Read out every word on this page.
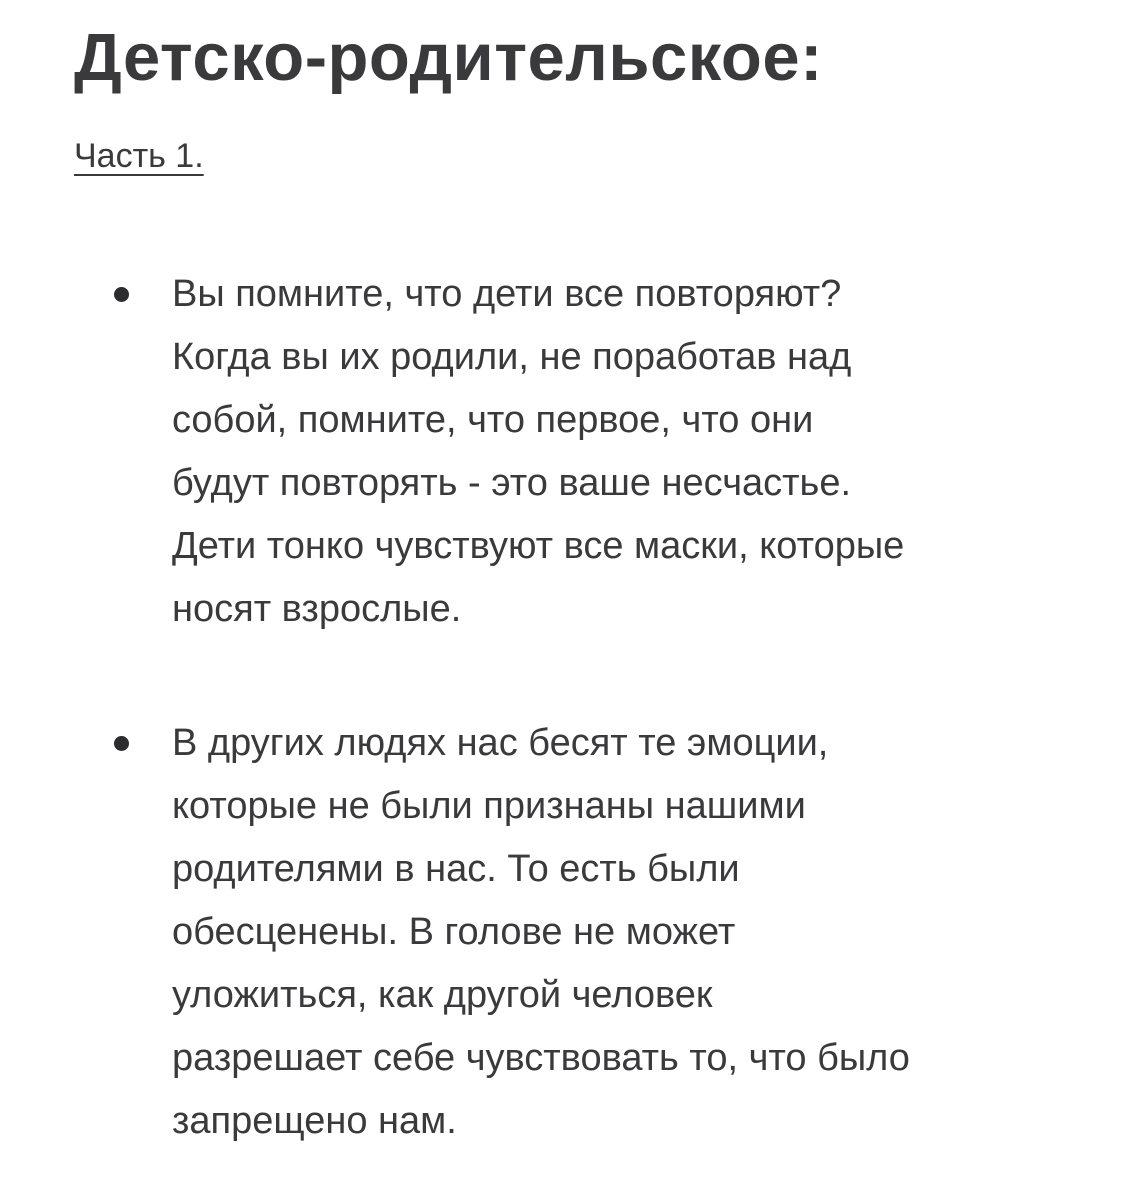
Детско-родительское:

Часть 1.

Вы помните, что дети все повторяют?
Когда вы их родили, не поработав над
собой, помните, что первое, что они
будут повторять - это ваше несчастье.
Дети тонко чувствуют все маски, которые
носят взрослые.

В других людях нас бесят те эмоции,
которые не были признаны нашими
родителями в нас. То есть были
обесценены. В голове не может
уложиться, как другой человек
разрешает себе чувствовать то, что было
запрещено нам.
